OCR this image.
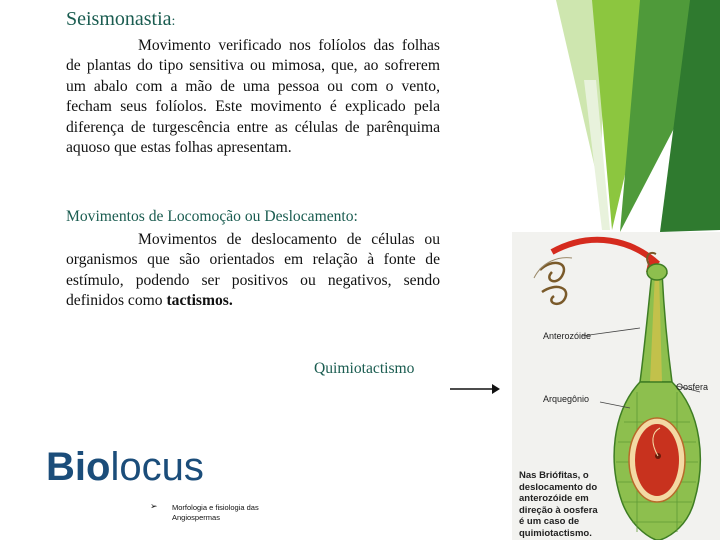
Seismonastia:
Movimento verificado nos folíolos das folhas de plantas do tipo sensitiva ou mimosa, que, ao sofrerem um abalo com a mão de uma pessoa ou com o vento, fecham seus folíolos. Este movimento é explicado pela diferença de turgescência entre as células de parênquima aquoso que estas folhas apresentam.
Movimentos de Locomoção ou Deslocamento:
Movimentos de deslocamento de células ou organismos que são orientados em relação à fonte de estímulo, podendo ser positivos ou negativos, sendo definidos como tactismos.
Quimiotactismo
Anterozóide
Oosfera
Arquegônio
Nas Briófitas, o deslocamento do anterozóide em direção à oosfera é um caso de quimiotactismo.
Biolocus
➢ Morfologia e fisiologia das Angiospermas
